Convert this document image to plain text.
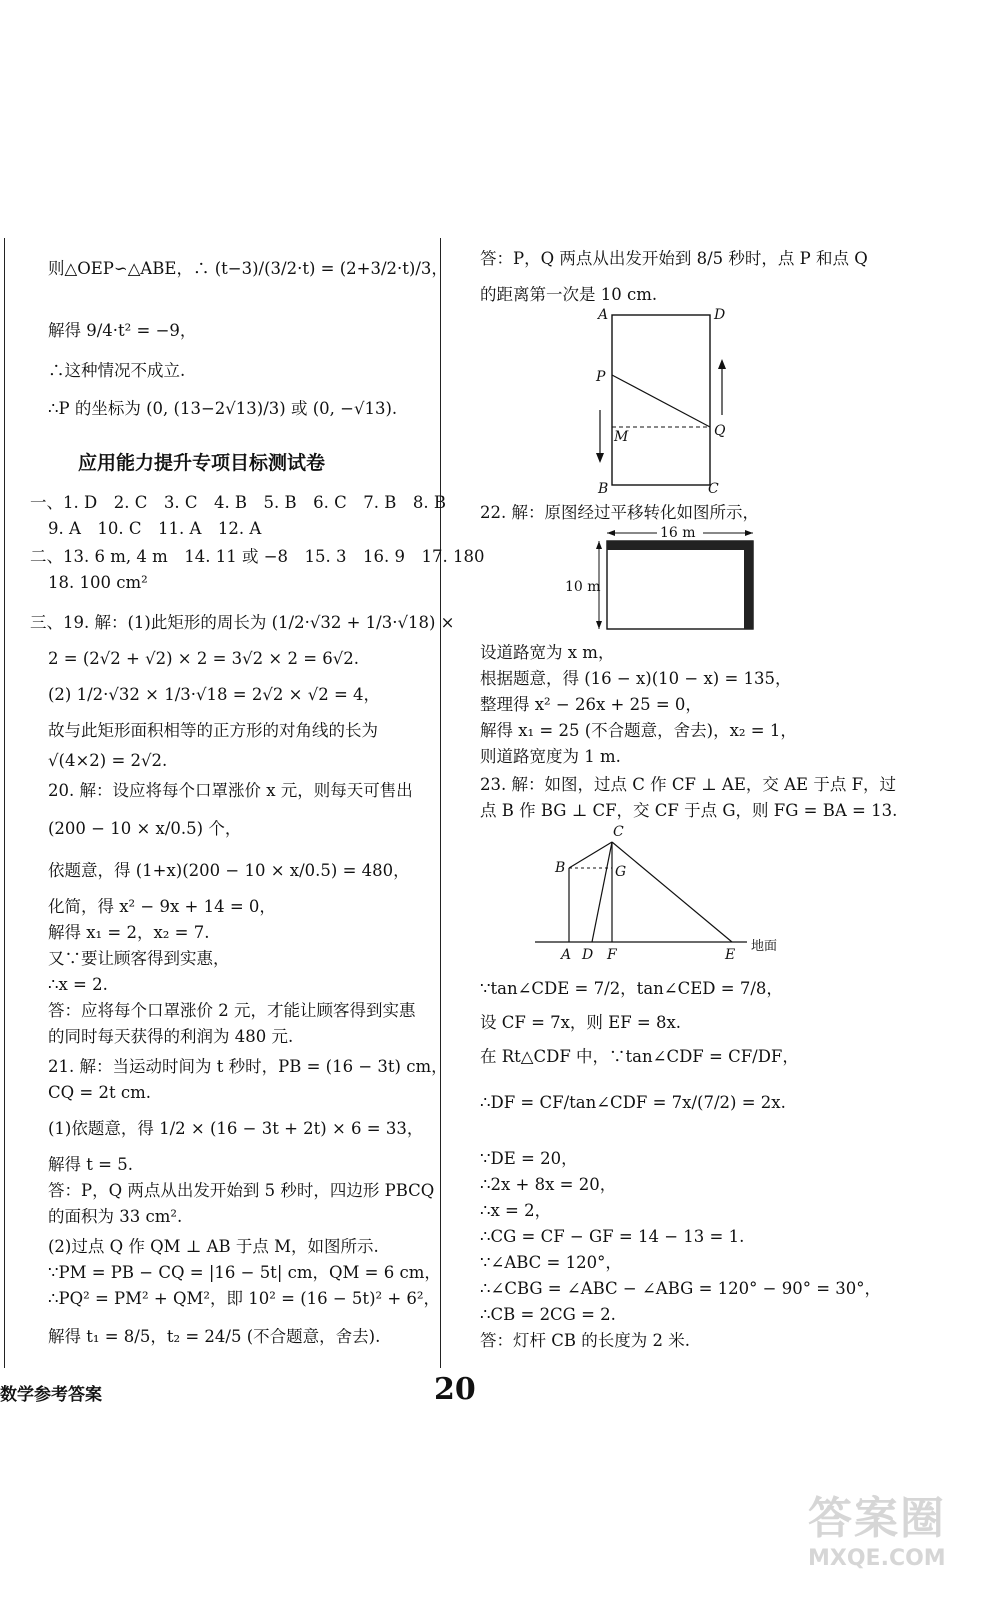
则△OEP∽△ABE，∴ (t−3)/(3/2·t) = (2+3/2·t)/3，
解得 9/4·t² = −9，
∴这种情况不成立.
∴P 的坐标为 (0, (13−2√13)/3) 或 (0, −√13).
应用能力提升专项目标测试卷
一、1. D　2. C　3. C　4. B　5. B　6. C　7. B　8. B
9. A　10. C　11. A　12. A
二、13. 6 m, 4 m　14. 11 或 −8　15. 3　16. 9　17. 180
18. 100 cm²
三、19. 解：(1)此矩形的周长为 (1/2·√32 + 1/3·√18) ×
2 = (2√2 + √2) × 2 = 3√2 × 2 = 6√2.
(2) 1/2·√32 × 1/3·√18 = 2√2 × √2 = 4，
故与此矩形面积相等的正方形的对角线的长为
√(4×2) = 2√2.
20. 解：设应将每个口罩涨价 x 元，则每天可售出
(200 − 10 × x/0.5) 个，
依题意，得 (1+x)(200 − 10 × x/0.5) = 480，
化简，得 x² − 9x + 14 = 0，
解得 x₁ = 2，x₂ = 7.
又∵要让顾客得到实惠，
∴x = 2.
答：应将每个口罩涨价 2 元，才能让顾客得到实惠
的同时每天获得的利润为 480 元.
21. 解：当运动时间为 t 秒时，PB = (16 − 3t) cm，
CQ = 2t cm.
(1)依题意，得 1/2 × (16 − 3t + 2t) × 6 = 33，
解得 t = 5.
答：P，Q 两点从出发开始到 5 秒时，四边形 PBCQ
的面积为 33 cm².
(2)过点 Q 作 QM ⊥ AB 于点 M，如图所示.
∵PM = PB − CQ = |16 − 5t| cm，QM = 6 cm，
∴PQ² = PM² + QM²，即 10² = (16 − 5t)² + 6²，
解得 t₁ = 8/5，t₂ = 24/5 (不合题意，舍去).
答：P，Q 两点从出发开始到 8/5 秒时，点 P 和点 Q
的距离第一次是 10 cm.
22. 解：原图经过平移转化如图所示，
设道路宽为 x m，
根据题意，得 (16 − x)(10 − x) = 135，
整理得 x² − 26x + 25 = 0，
解得 x₁ = 25 (不合题意，舍去)，x₂ = 1，
则道路宽度为 1 m.
23. 解：如图，过点 C 作 CF ⊥ AE，交 AE 于点 F，过
点 B 作 BG ⊥ CF，交 CF 于点 G，则 FG = BA = 13.
∵tan∠CDE = 7/2，tan∠CED = 7/8，
设 CF = 7x，则 EF = 8x.
在 Rt△CDF 中，∵tan∠CDF = CF/DF，
∴DF = CF/tan∠CDF = 7x/(7/2) = 2x.
∵DE = 20，
∴2x + 8x = 20，
∴x = 2，
∴CG = CF − GF = 14 − 13 = 1.
∵∠ABC = 120°，
∴∠CBG = ∠ABC − ∠ABG = 120° − 90° = 30°，
∴CB = 2CG = 2.
答：灯杆 CB 的长度为 2 米.
A	D
P
M	Q
B	C
16 m
10 m
C
B	G
A D F	E
地面
数学参考答案	20
答案圈
MXQE.COM
